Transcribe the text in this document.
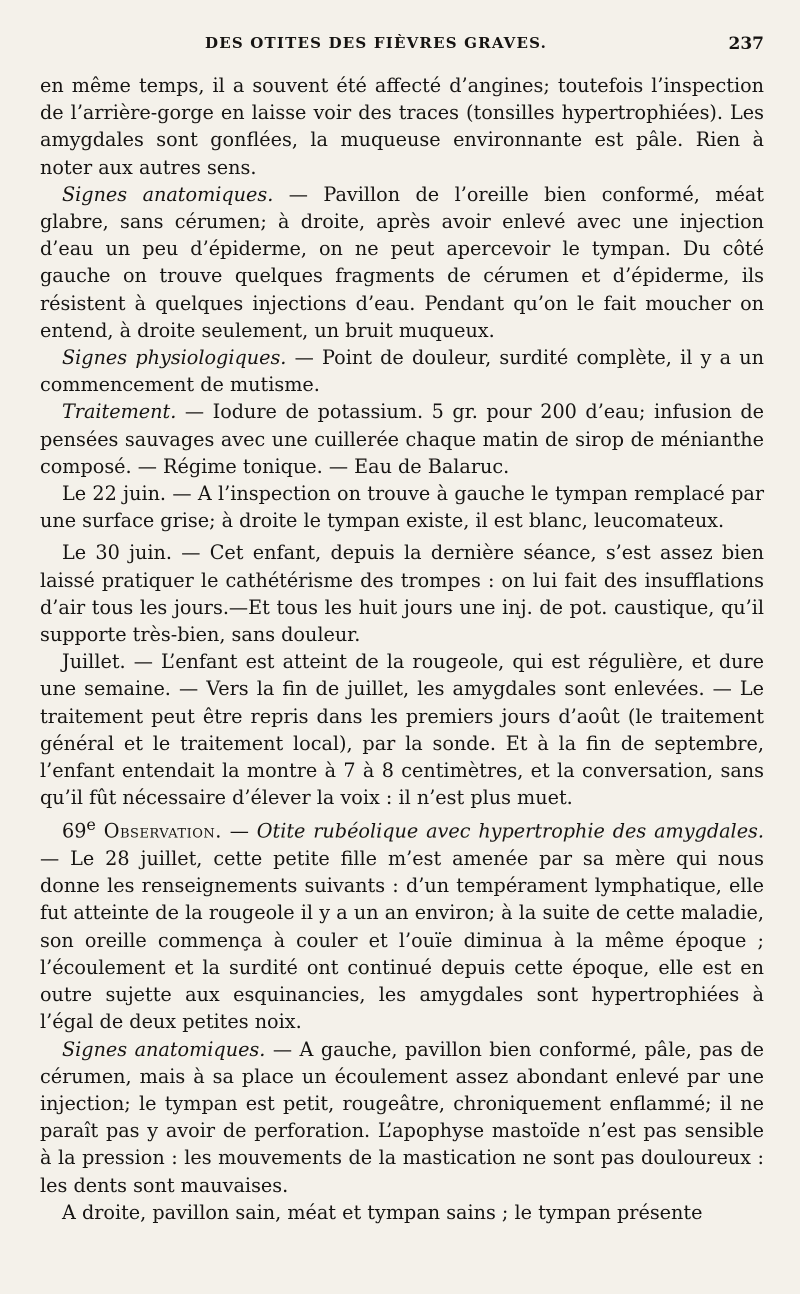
DES OTITES DES FIÈVRES GRAVES.	237

en même temps, il a souvent été affecté d’angines; toutefois l’inspection de l’arrière-gorge en laisse voir des traces (tonsilles hypertrophiées). Les amygdales sont gonflées, la muqueuse environnante est pâle. Rien à noter aux autres sens.

Signes anatomiques. — Pavillon de l’oreille bien conformé, méat glabre, sans cérumen; à droite, après avoir enlevé avec une injection d’eau un peu d’épiderme, on ne peut apercevoir le tympan. Du côté gauche on trouve quelques fragments de cérumen et d’épiderme, ils résistent à quelques injections d’eau. Pendant qu’on le fait moucher on entend, à droite seulement, un bruit muqueux.

Signes physiologiques. — Point de douleur, surdité complète, il y a un commencement de mutisme.

Traitement. — Iodure de potassium. 5 gr. pour 200 d’eau; infusion de pensées sauvages avec une cuillerée chaque matin de sirop de ménianthe composé. — Régime tonique. — Eau de Balaruc.

Le 22 juin. — A l’inspection on trouve à gauche le tympan remplacé par une surface grise; à droite le tympan existe, il est blanc, leucomateux.

Le 30 juin. — Cet enfant, depuis la dernière séance, s’est assez bien laissé pratiquer le cathétérisme des trompes : on lui fait des insufflations d’air tous les jours.—Et tous les huit jours une inj. de pot. caustique, qu’il supporte très-bien, sans douleur.

Juillet. — L’enfant est atteint de la rougeole, qui est régulière, et dure une semaine. — Vers la fin de juillet, les amygdales sont enlevées. — Le traitement peut être repris dans les premiers jours d’août (le traitement général et le traitement local), par la sonde. Et à la fin de septembre, l’enfant entendait la montre à 7 à 8 centimètres, et la conversation, sans qu’il fût nécessaire d’élever la voix : il n’est plus muet.

69e Observation. — Otite rubéolique avec hypertrophie des amygdales. — Le 28 juillet, cette petite fille m’est amenée par sa mère qui nous donne les renseignements suivants : d’un tempérament lymphatique, elle fut atteinte de la rougeole il y a un an environ; à la suite de cette maladie, son oreille commença à couler et l’ouïe diminua à la même époque ; l’écoulement et la surdité ont continué depuis cette époque, elle est en outre sujette aux esquinancies, les amygdales sont hypertrophiées à l’égal de deux petites noix.

Signes anatomiques. — A gauche, pavillon bien conformé, pâle, pas de cérumen, mais à sa place un écoulement assez abondant enlevé par une injection; le tympan est petit, rougeâtre, chroniquement enflammé; il ne paraît pas y avoir de perforation. L’apophyse mastoïde n’est pas sensible à la pression : les mouvements de la mastication ne sont pas douloureux : les dents sont mauvaises.

A droite, pavillon sain, méat et tympan sains ; le tympan présente
